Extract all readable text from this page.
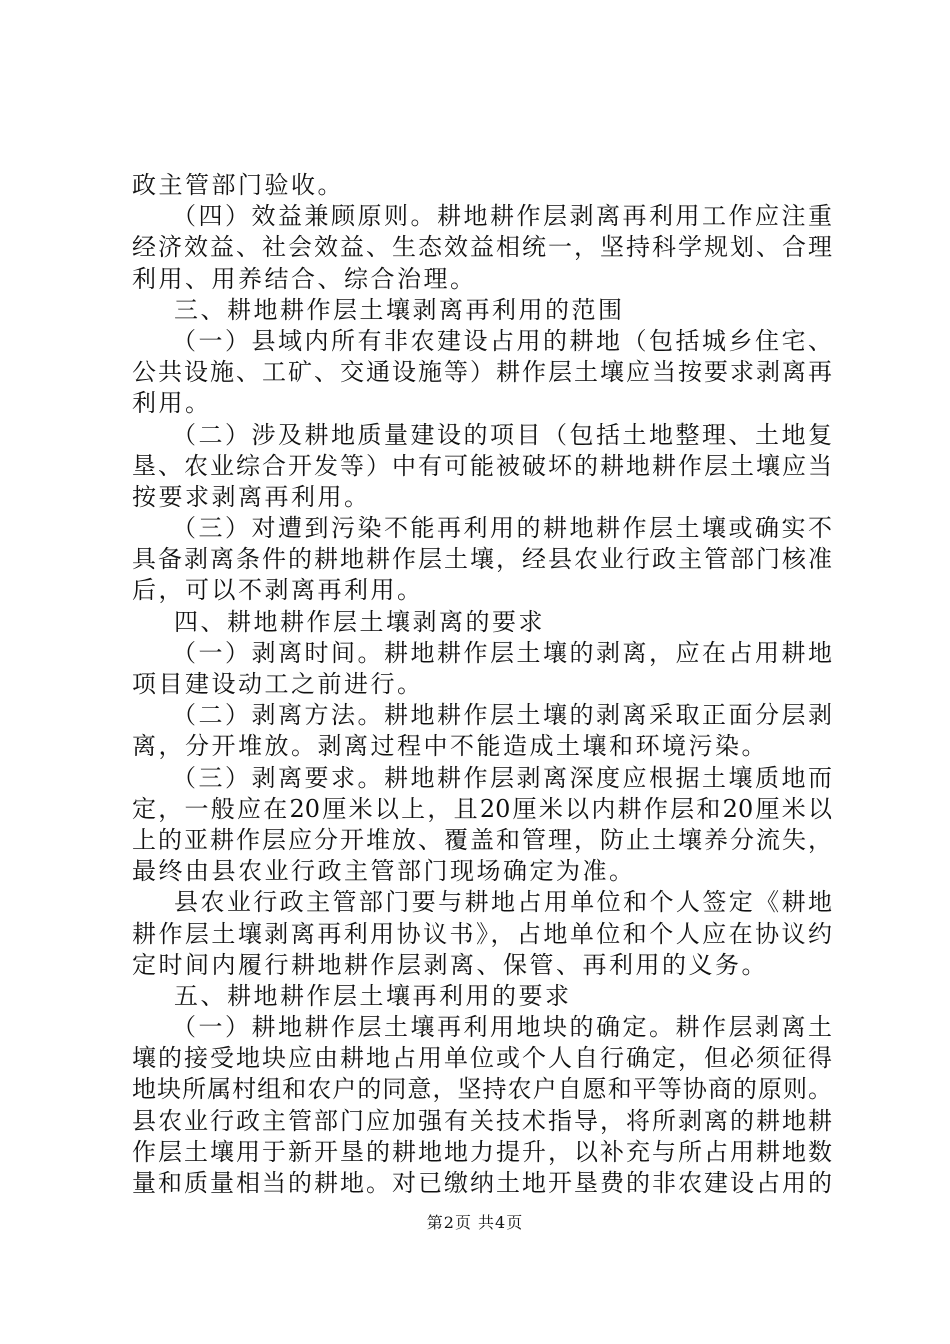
政主管部门验收。
（四）效益兼顾原则。耕地耕作层剥离再利用工作应注重
经济效益、社会效益、生态效益相统一，坚持科学规划、合理
利用、用养结合、综合治理。
三、耕地耕作层土壤剥离再利用的范围
（一）县域内所有非农建设占用的耕地（包括城乡住宅、
公共设施、工矿、交通设施等）耕作层土壤应当按要求剥离再
利用。
（二）涉及耕地质量建设的项目（包括土地整理、土地复
垦、农业综合开发等）中有可能被破坏的耕地耕作层土壤应当
按要求剥离再利用。
（三）对遭到污染不能再利用的耕地耕作层土壤或确实不
具备剥离条件的耕地耕作层土壤，经县农业行政主管部门核准
后，可以不剥离再利用。
四、耕地耕作层土壤剥离的要求
（一）剥离时间。耕地耕作层土壤的剥离，应在占用耕地
项目建设动工之前进行。
（二）剥离方法。耕地耕作层土壤的剥离采取正面分层剥
离，分开堆放。剥离过程中不能造成土壤和环境污染。
（三）剥离要求。耕地耕作层剥离深度应根据土壤质地而
定，一般应在20厘米以上，且20厘米以内耕作层和20厘米以
上的亚耕作层应分开堆放、覆盖和管理，防止土壤养分流失，
最终由县农业行政主管部门现场确定为准。
县农业行政主管部门要与耕地占用单位和个人签定《耕地
耕作层土壤剥离再利用协议书》，占地单位和个人应在协议约
定时间内履行耕地耕作层剥离、保管、再利用的义务。
五、耕地耕作层土壤再利用的要求
（一）耕地耕作层土壤再利用地块的确定。耕作层剥离土
壤的接受地块应由耕地占用单位或个人自行确定，但必须征得
地块所属村组和农户的同意，坚持农户自愿和平等协商的原则。
县农业行政主管部门应加强有关技术指导，将所剥离的耕地耕
作层土壤用于新开垦的耕地地力提升，以补充与所占用耕地数
量和质量相当的耕地。对已缴纳土地开垦费的非农建设占用的
第2页 共4页
